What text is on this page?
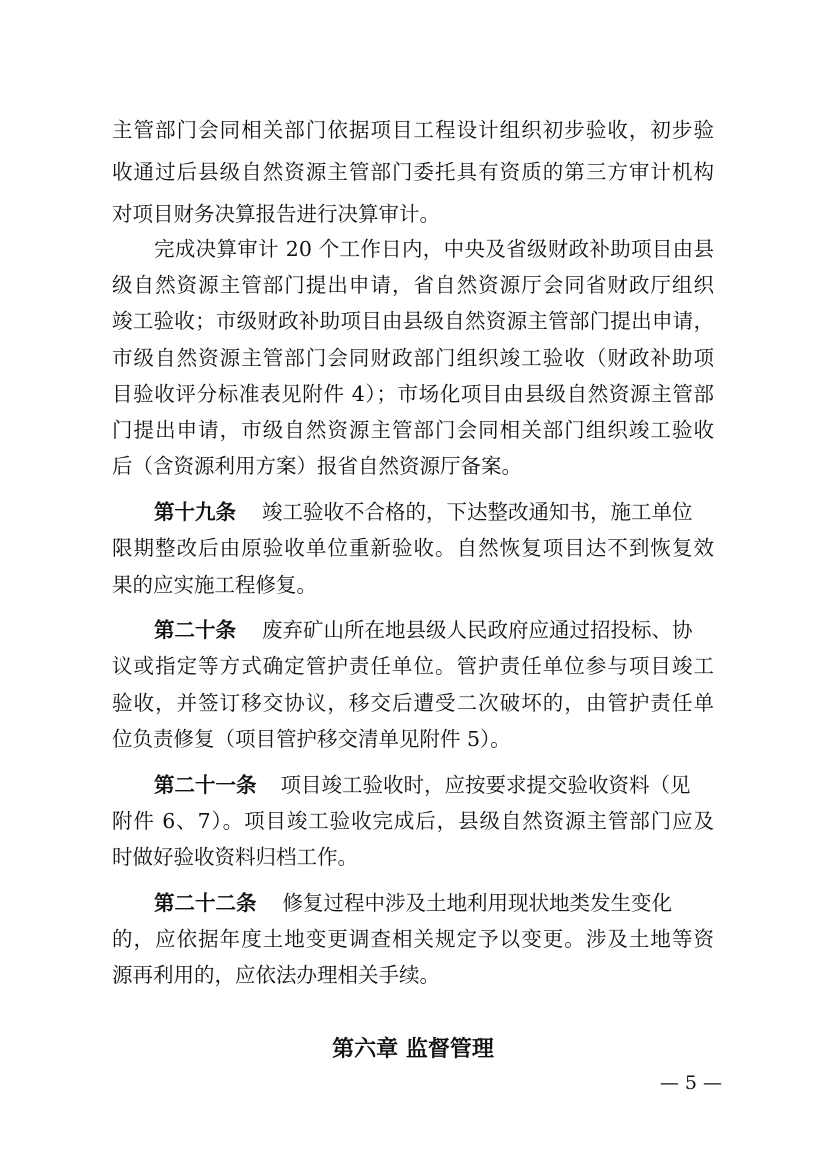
主管部门会同相关部门依据项目工程设计组织初步验收，初步验
收通过后县级自然资源主管部门委托具有资质的第三方审计机构
对项目财务决算报告进行决算审计。
完成决算审计 20 个工作日内，中央及省级财政补助项目由县
级自然资源主管部门提出申请，省自然资源厅会同省财政厅组织
竣工验收；市级财政补助项目由县级自然资源主管部门提出申请，
市级自然资源主管部门会同财政部门组织竣工验收（财政补助项
目验收评分标准表见附件 4）；市场化项目由县级自然资源主管部
门提出申请，市级自然资源主管部门会同相关部门组织竣工验收
后（含资源利用方案）报省自然资源厅备案。
第十九条 竣工验收不合格的，下达整改通知书，施工单位
限期整改后由原验收单位重新验收。自然恢复项目达不到恢复效
果的应实施工程修复。
第二十条 废弃矿山所在地县级人民政府应通过招投标、协
议或指定等方式确定管护责任单位。管护责任单位参与项目竣工
验收，并签订移交协议，移交后遭受二次破坏的，由管护责任单
位负责修复（项目管护移交清单见附件 5）。
第二十一条 项目竣工验收时，应按要求提交验收资料（见
附件 6、7）。项目竣工验收完成后，县级自然资源主管部门应及
时做好验收资料归档工作。
第二十二条 修复过程中涉及土地利用现状地类发生变化
的，应依据年度土地变更调查相关规定予以变更。涉及土地等资
源再利用的，应依法办理相关手续。
第六章 监督管理
— 5 —
